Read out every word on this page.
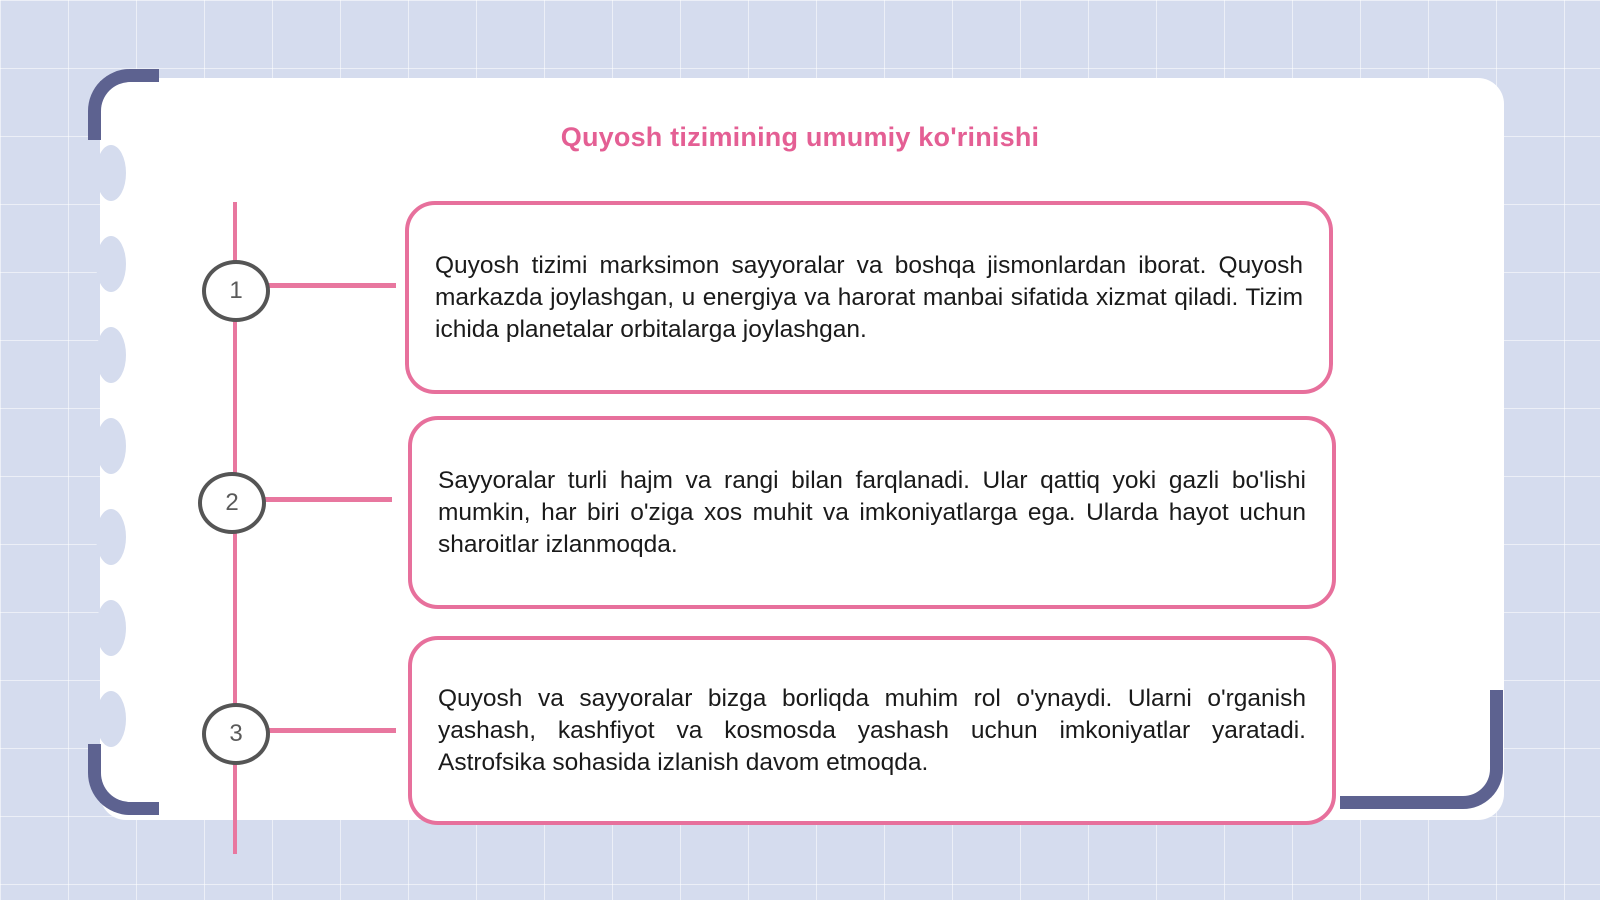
Quyosh tizimining umumiy ko'rinishi
1
2
3

Quyosh tizimi marksimon sayyoralar va boshqa jismonlardan iborat. Quyosh markazda joylashgan, u energiya va harorat manbai sifatida xizmat qiladi. Tizim ichida planetalar orbitalarga joylashgan.

Sayyoralar turli hajm va rangi bilan farqlanadi. Ular qattiq yoki gazli bo'lishi mumkin, har biri o'ziga xos muhit va imkoniyatlarga ega. Ularda hayot uchun sharoitlar izlanmoqda.

Quyosh va sayyoralar bizga borliqda muhim rol o'ynaydi. Ularni o'rganish yashash, kashfiyot va kosmosda yashash uchun imkoniyatlar yaratadi. Astrofsika sohasida izlanish davom etmoqda.
